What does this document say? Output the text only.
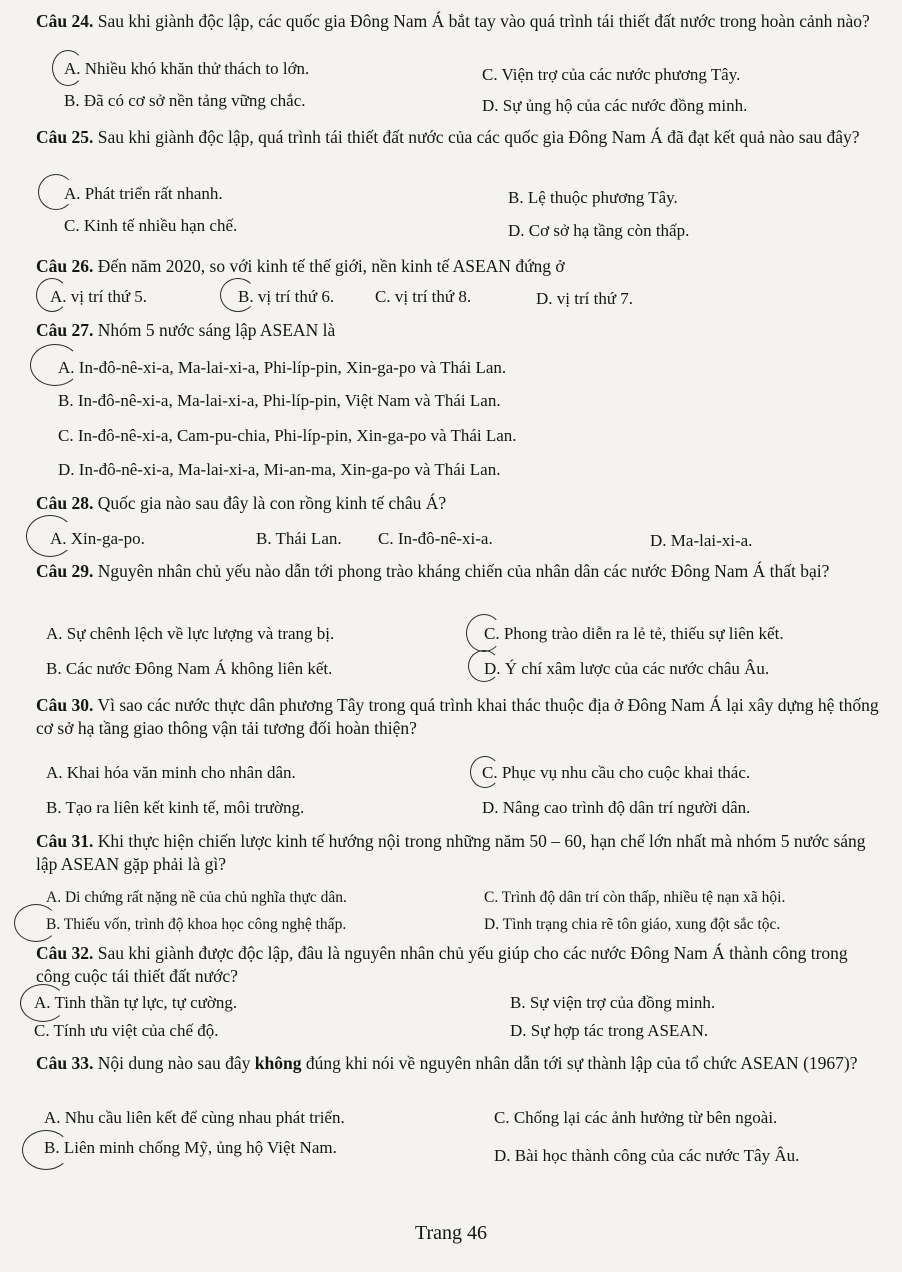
Câu 24. Sau khi giành độc lập, các quốc gia Đông Nam Á bắt tay vào quá trình tái thiết đất nước trong hoàn cảnh nào?
A. Nhiều khó khăn thử thách to lớn.	C. Viện trợ của các nước phương Tây.
B. Đã có cơ sở nền tảng vững chắc.	D. Sự ủng hộ của các nước đồng minh.
Câu 25. Sau khi giành độc lập, quá trình tái thiết đất nước của các quốc gia Đông Nam Á đã đạt kết quả nào sau đây?
A. Phát triển rất nhanh.	B. Lệ thuộc phương Tây.
C. Kinh tế nhiều hạn chế.	D. Cơ sở hạ tầng còn thấp.
Câu 26. Đến năm 2020, so với kinh tế thế giới, nền kinh tế ASEAN đứng ở
A. vị trí thứ 5.	B. vị trí thứ 6. C. vị trí thứ 8.	D. vị trí thứ 7.
Câu 27. Nhóm 5 nước sáng lập ASEAN là
A. In-đô-nê-xi-a, Ma-lai-xi-a, Phi-líp-pin, Xin-ga-po và Thái Lan.
B. In-đô-nê-xi-a, Ma-lai-xi-a, Phi-líp-pin, Việt Nam và Thái Lan.
C. In-đô-nê-xi-a, Cam-pu-chia, Phi-líp-pin, Xin-ga-po và Thái Lan.
D. In-đô-nê-xi-a, Ma-lai-xi-a, Mi-an-ma, Xin-ga-po và Thái Lan.
Câu 28. Quốc gia nào sau đây là con rồng kinh tế châu Á?
A. Xin-ga-po.	B. Thái Lan. C. In-đô-nê-xi-a.	D. Ma-lai-xi-a.
Câu 29. Nguyên nhân chủ yếu nào dẫn tới phong trào kháng chiến của nhân dân các nước Đông Nam Á thất bại?
A. Sự chênh lệch về lực lượng và trang bị.	C. Phong trào diễn ra lẻ tẻ, thiếu sự liên kết.
B. Các nước Đông Nam Á không liên kết.	D. Ý chí xâm lược của các nước châu Âu.
Câu 30. Vì sao các nước thực dân phương Tây trong quá trình khai thác thuộc địa ở Đông Nam Á lại xây dựng hệ thống cơ sở hạ tầng giao thông vận tải tương đối hoàn thiện?
A. Khai hóa văn minh cho nhân dân.	C. Phục vụ nhu cầu cho cuộc khai thác.
B. Tạo ra liên kết kinh tế, môi trường.	D. Nâng cao trình độ dân trí người dân.
Câu 31. Khi thực hiện chiến lược kinh tế hướng nội trong những năm 50 – 60, hạn chế lớn nhất mà nhóm 5 nước sáng lập ASEAN gặp phải là gì?
A. Di chứng rất nặng nề của chủ nghĩa thực dân.	C. Trình độ dân trí còn thấp, nhiều tệ nạn xã hội.
B. Thiếu vốn, trình độ khoa học công nghệ thấp.	D. Tình trạng chia rẽ tôn giáo, xung đột sắc tộc.
Câu 32. Sau khi giành được độc lập, đâu là nguyên nhân chủ yếu giúp cho các nước Đông Nam Á thành công trong công cuộc tái thiết đất nước?
A. Tinh thần tự lực, tự cường.	B. Sự viện trợ của đồng minh.
C. Tính ưu việt của chế độ.	D. Sự hợp tác trong ASEAN.
Câu 33. Nội dung nào sau đây không đúng khi nói về nguyên nhân dẫn tới sự thành lập của tổ chức ASEAN (1967)?
A. Nhu cầu liên kết để cùng nhau phát triển.	C. Chống lại các ảnh hưởng từ bên ngoài.
B. Liên minh chống Mỹ, ủng hộ Việt Nam.	D. Bài học thành công của các nước Tây Âu.
Trang 46
